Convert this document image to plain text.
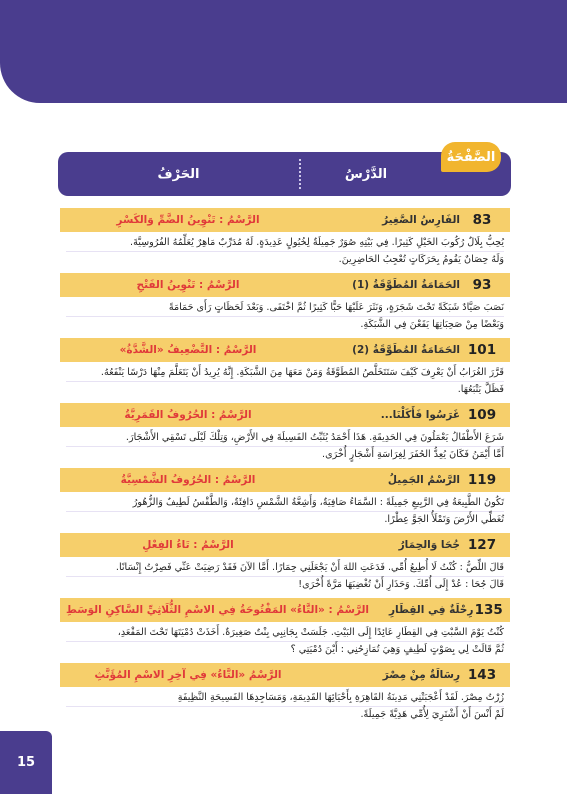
الصَّفْحَةُ
الدَّرْسُ
الحَرْفُ
83
الفَارِسُ الصَّغِيرُ
الرَّسْمُ : تَنْوِينُ الضَّمِّ وَالكَسْرِ
يُحِبُّ بِلَالٌ رُكُوبَ الخَيْلِ كَثِيرًا. فِي بَيْتِهِ صُوَرٌ جَمِيلَةٌ لِخُيُولٍ عَدِيدَةٍ. لَهُ مُدَرِّبٌ مَاهِرٌ يُعَلِّمُهُ الفُرُوسِيَّةَ.
وَلَهُ حِصَانٌ يَقُومُ بِحَرَكَاتٍ تُعْجِبُ الحَاضِرِينَ.
93
الحَمَامَةُ المُطَوَّقَةُ (1)
الرَّسْمُ : تَنْوِينُ الفَتْحِ
نَصَبَ صَيَّادٌ شَبَكَةً تَحْتَ شَجَرَةٍ، وَنَثَرَ عَلَيْهَا حَبًّا كَثِيرًا ثُمَّ اخْتَفَى. وَبَعْدَ لَحَظَاتٍ رَأَى حَمَامَةً
وَبَعْضًا مِنْ صَحِبَاتِهَا يَقَعْنَ فِي الشَّبَكَةِ.
101
الحَمَامَةُ المُطَوَّقَةُ (2)
الرَّسْمُ : التَّضْعِيفُ «الشَّدَّةُ»
قَرَّرَ الغُرَابُ أَنْ يَعْرِفَ كَيْفَ سَتَتَخَلَّصُ المُطَوَّقَةُ وَمَنْ مَعَهَا مِنَ الشَّبَكَةِ. إِنَّهُ يُرِيدُ أَنْ يَتَعَلَّمَ مِنْهَا دَرْسًا يَنْفَعُهُ.
فَظَلَّ يَتْبَعُهَا.
109
غَرَسُوا فَأَكَلْنَا...
الرَّسْمُ : الحُرُوفُ القَمَرِيَّةُ
شَرَعَ الأَطْفَالُ يَعْمَلُونَ فِي الحَدِيقَةِ. هَذَا أَحْمَدُ يُثَبِّتُ الفَسِيلَةَ فِي الأَرْضِ، وَتِلْكَ لَيْلَى تَسْقِي الأَشْجَارَ.
أَمَّا أَيْمَنُ فَكَانَ يُعِدُّ الحُفَرَ لِغِرَاسَةِ أَشْجَارٍ أُخْرَى.
119
الرَّسْمُ الجَمِيلُ
الرَّسْمُ : الحُرُوفُ الشَّمْسِيَّةُ
تَكُونُ الطَّبِيعَةُ فِي الرَّبِيعِ جَمِيلَةً : السَّمَاءُ صَافِيَةٌ، وَأَشِعَّةُ الشَّمْسِ دَافِئَةٌ، وَالطَّقْسُ لَطِيفٌ وَالزُّهُورُ
تُغَطِّي الأَرْضَ وَتَمْلَأُ الجَوَّ عِطْرًا.
127
جُحَا وَالحِمَارُ
الرَّسْمُ : تَاءُ الفِعْلِ
قَالَ اللِّصُّ : كُنْتُ لَا أُطِيعُ أُمِّي. فَدَعَتِ اللهَ أَنْ يَجْعَلَنِي حِمَارًا. أَمَّا الآنَ فَقَدْ رَضِيَتْ عَنِّي فَصِرْتُ إِنْسَانًا.
قَالَ جُحَا : عُدْ إِلَى أُمِّكَ. وَحَذَارِ أَنْ تُغْضِبَهَا مَرَّةً أُخْرَى!
135
رِحْلَةٌ فِي القِطَارِ
الرَّسْمُ : «التَّاءُ» المَفْتُوحَةُ فِي الاسْمِ الثُّلَاثِيِّ السَّاكِنِ الوَسَطِ
كُنْتُ يَوْمَ السَّبْتِ فِي القِطَارِ عَائِدًا إِلَى البَيْتِ. جَلَسَتْ بِجَانِبِي بِنْتٌ صَغِيرَةٌ. أَخَذَتْ دُمْيَتَهَا تَحْتَ المَقْعَدِ،
ثُمَّ قَالَتْ لِي بِصَوْتٍ لَطِيفٍ وَهِيَ تُمَازِحُنِي : أَيْنَ دُمْيَتِي ؟
143
رِسَالَةٌ مِنْ مِصْرَ
الرَّسْمُ «التَّاءُ» فِي آخِرِ الاسْمِ المُؤَنَّثِ
زُرْتُ مِصْرَ. لَقَدْ أَعْجَبَتْنِي مَدِينَةُ القَاهِرَةِ بِأَحْيَائِهَا القَدِيمَةِ، وَمَسَاجِدِهَا الفَسِيحَةِ النَّظِيفَةِ
لَمْ أَنْسَ أَنْ أَشْتَرِيَ لِأُمِّي هَدِيَّةً جَمِيلَةً.
15
